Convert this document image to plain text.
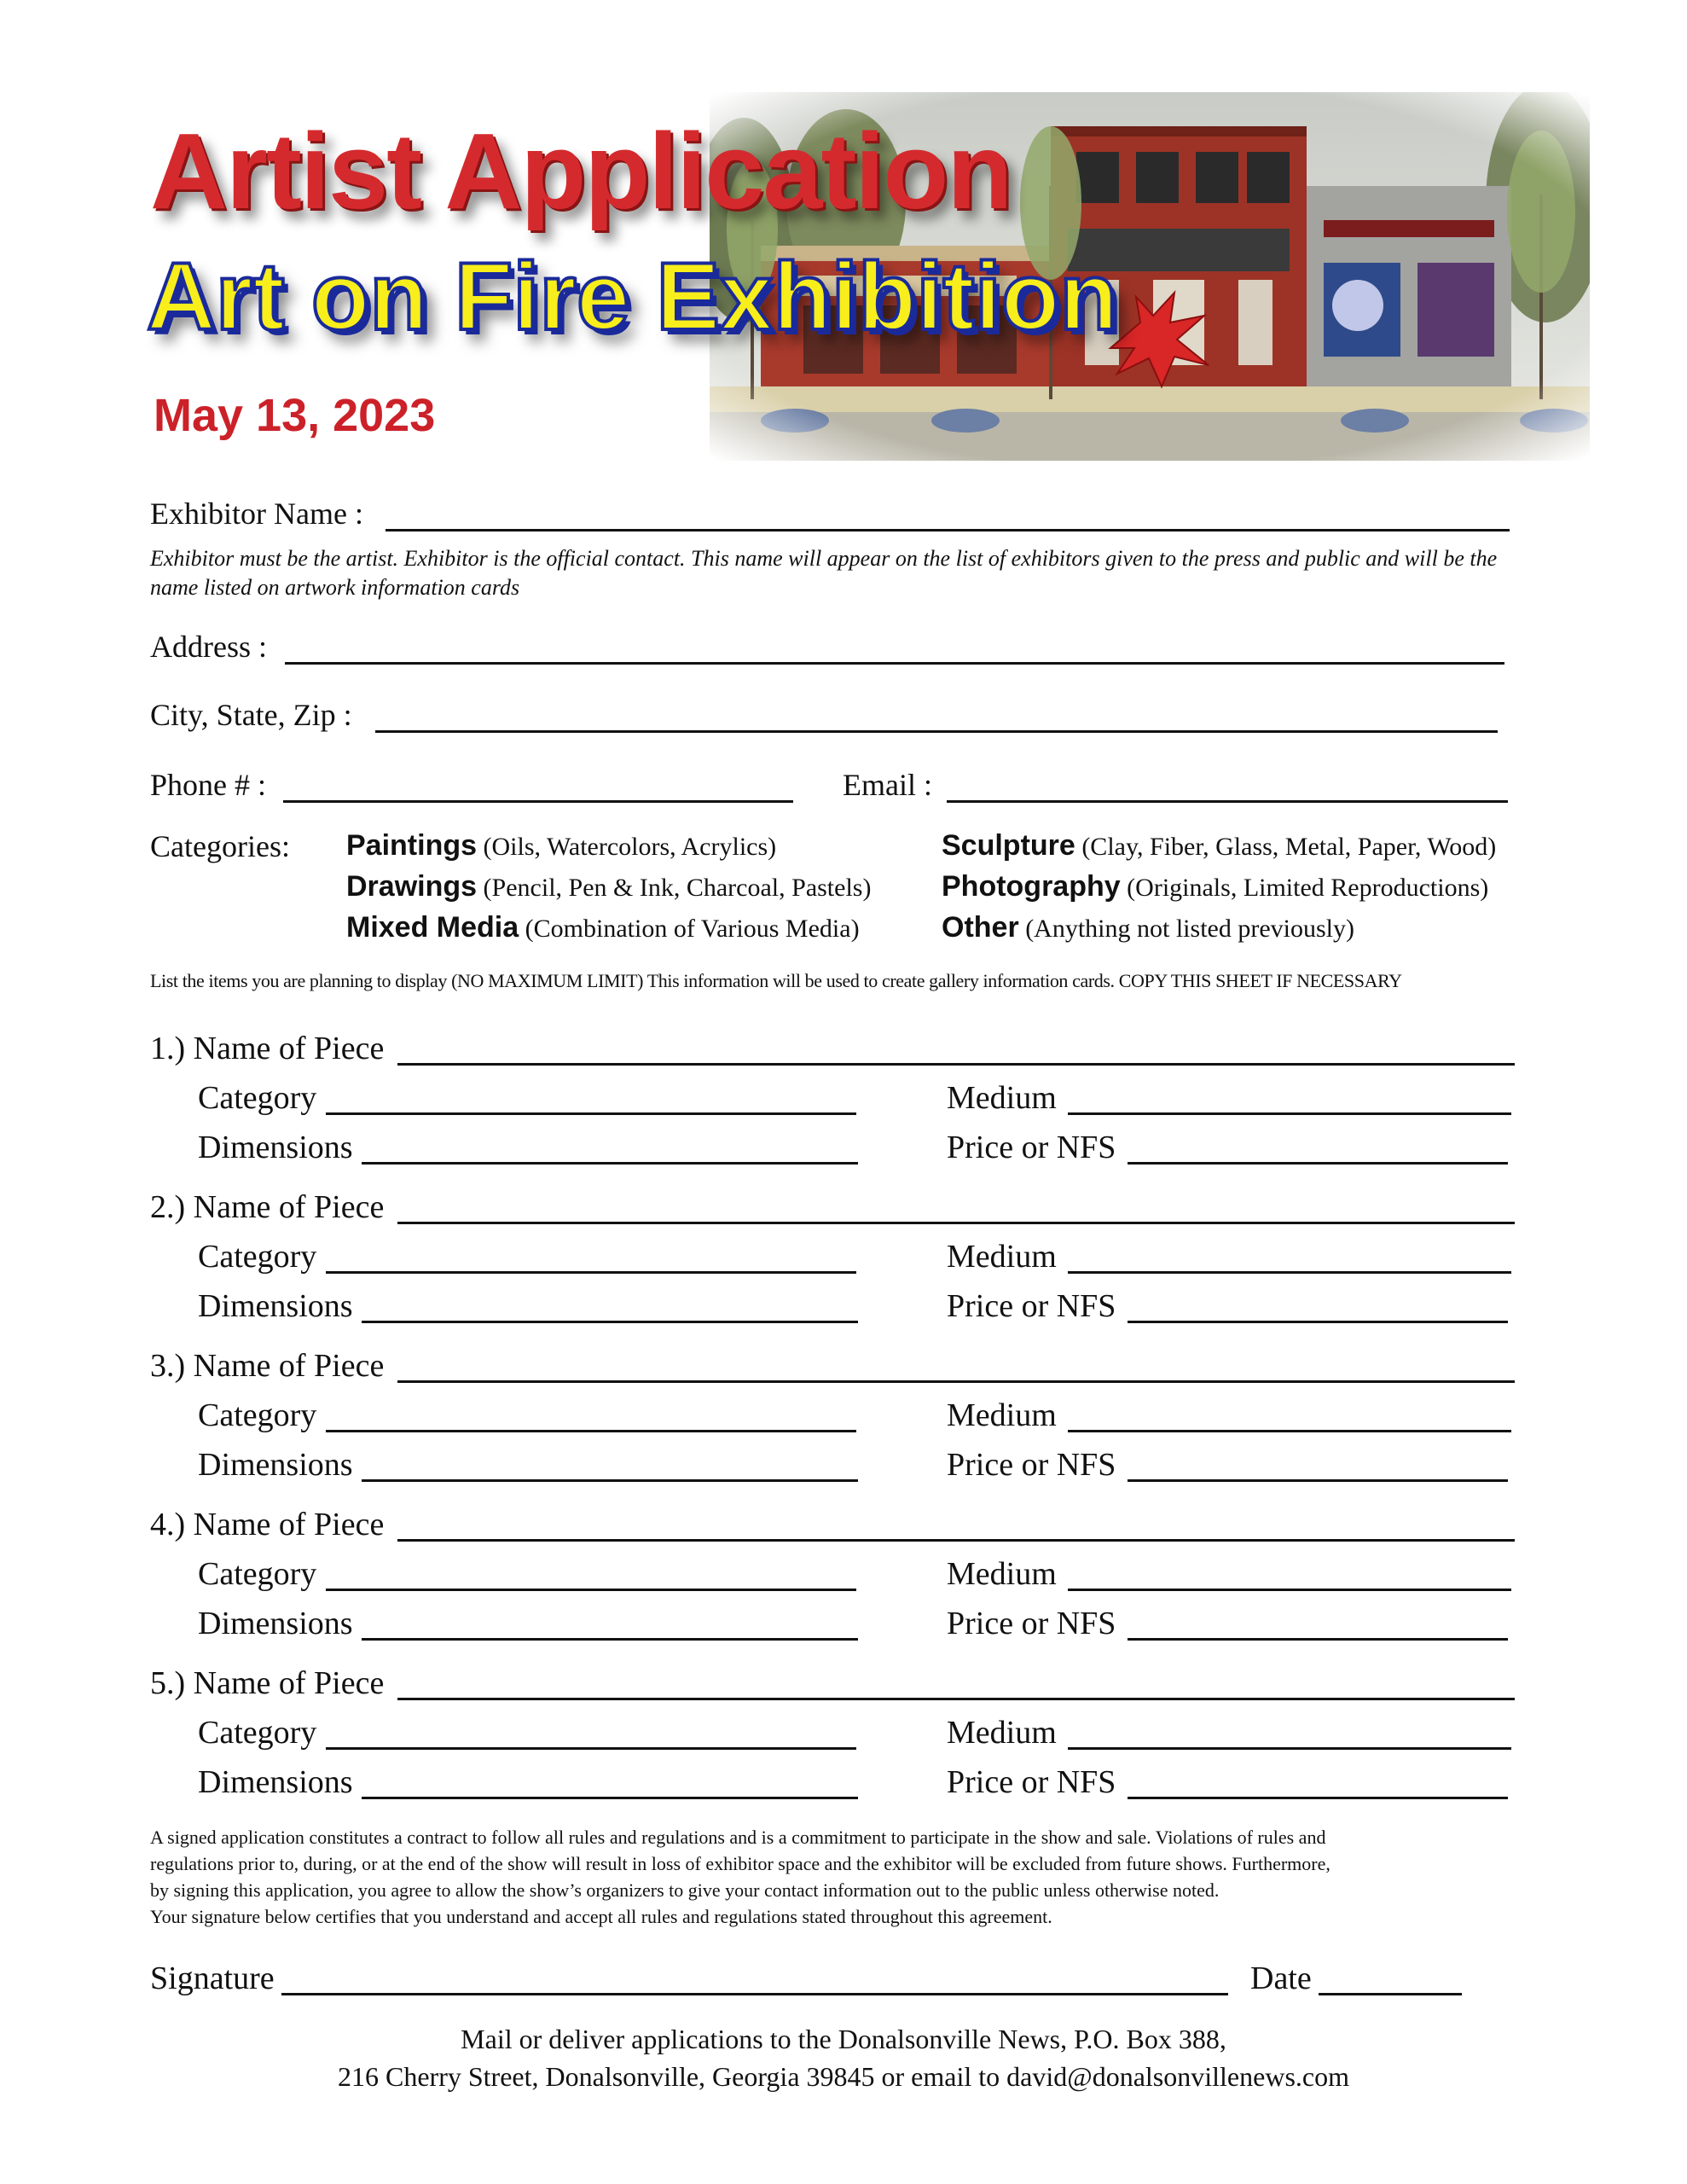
Artist Application
Art on Fire Exhibition
May 13, 2023
Exhibitor Name :
Exhibitor must be the artist. Exhibitor is the official contact. This name will appear on the list of exhibitors given to the press and public and will be the name listed on artwork information cards
Address :
City, State, Zip :
Phone # :	Email :
Categories: Paintings (Oils, Watercolors, Acrylics)
Drawings (Pencil, Pen & Ink, Charcoal, Pastels)
Mixed Media (Combination of Various Media)
Sculpture (Clay, Fiber, Glass, Metal, Paper, Wood)
Photography (Originals, Limited Reproductions)
Other (Anything not listed previously)
List the items you are planning to display (NO MAXIMUM LIMIT) This information will be used to create gallery information cards. COPY THIS SHEET IF NECESSARY
1.) Name of Piece
Category	Medium
Dimensions	Price or NFS
2.) Name of Piece
Category	Medium
Dimensions	Price or NFS
3.) Name of Piece
Category	Medium
Dimensions	Price or NFS
4.) Name of Piece
Category	Medium
Dimensions	Price or NFS
5.) Name of Piece
Category	Medium
Dimensions	Price or NFS
A signed application constitutes a contract to follow all rules and regulations and is a commitment to participate in the show and sale. Violations of rules and
regulations prior to, during, or at the end of the show will result in loss of exhibitor space and the exhibitor will be excluded from future shows. Furthermore,
by signing this application, you agree to allow the show’s organizers to give your contact information out to the public unless otherwise noted.
Your signature below certifies that you understand and accept all rules and regulations stated throughout this agreement.
Signature	Date
Mail or deliver applications to the Donalsonville News, P.O. Box 388,
216 Cherry Street, Donalsonville, Georgia 39845 or email to david@donalsonvillenews.com
